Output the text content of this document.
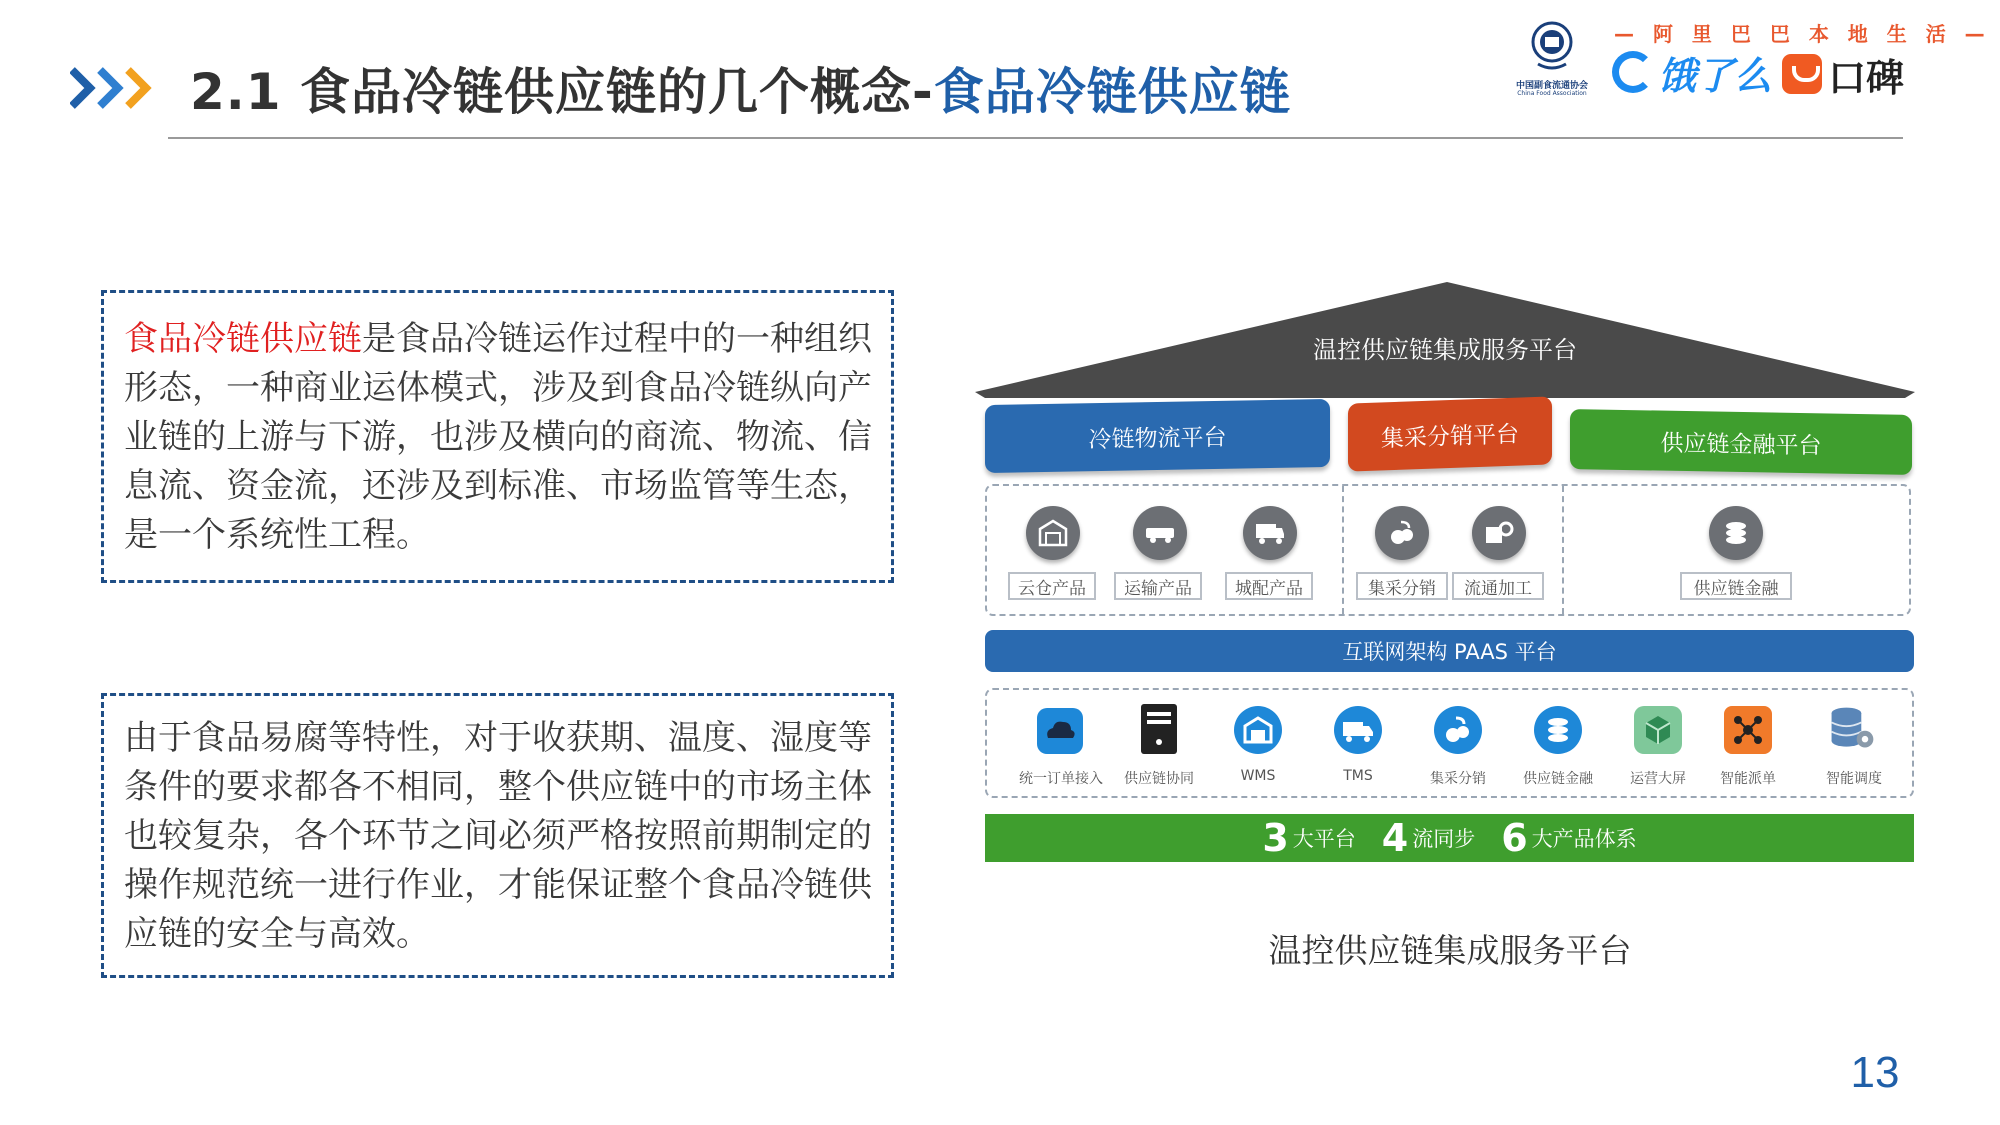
2.1 食品冷链供应链的几个概念-食品冷链供应链	中国副食流通协会
China Food Association
— 阿 里 巴 巴 本 地 生 活 —
饿了么 口碑
食品冷链供应链是食品冷链运作过程中的一种组织形态，一种商业运体模式，涉及到食品冷链纵向产业链的上游与下游，也涉及横向的商流、物流、信息流、资金流，还涉及到标准、市场监管等生态，是一个系统性工程。
由于食品易腐等特性，对于收获期、温度、湿度等条件的要求都各不相同，整个供应链中的市场主体也较复杂，各个环节之间必须严格按照前期制定的操作规范统一进行作业，才能保证整个食品冷链供应链的安全与高效。
温控供应链集成服务平台
冷链物流平台	集采分销平台	供应链金融平台
云仓产品	运输产品	城配产品	集采分销	流通加工	供应链金融
互联网架构 PAAS 平台
统一订单接入	供应链协同	WMS	TMS	集采分销	供应链金融	运营大屏	智能派单	智能调度
3 大平台 4 流同步 6 大产品体系
温控供应链集成服务平台
13
